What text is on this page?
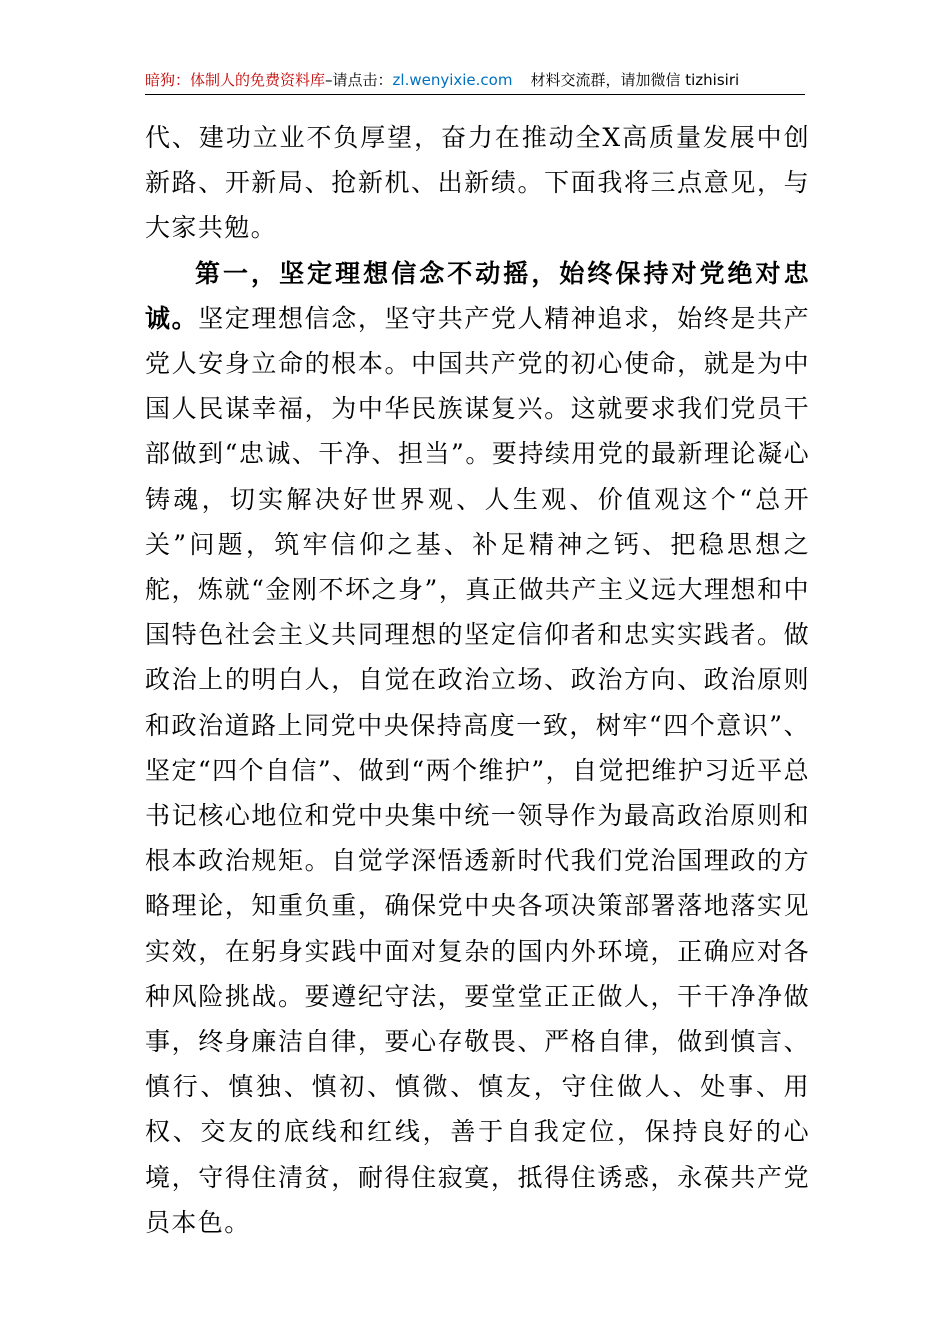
暗狗：体制人的免费资料库–请点击：zl.wenyixie.com 材料交流群，请加微信 tizhisiri

代、建功立业不负厚望，奋力在推动全X高质量发展中创新路、开新局、抢新机、出新绩。下面我将三点意见，与大家共勉。

第一，坚定理想信念不动摇，始终保持对党绝对忠诚。坚定理想信念，坚守共产党人精神追求，始终是共产党人安身立命的根本。中国共产党的初心使命，就是为中国人民谋幸福，为中华民族谋复兴。这就要求我们党员干部做到“忠诚、干净、担当”。要持续用党的最新理论凝心铸魂，切实解决好世界观、人生观、价值观这个“总开关”问题，筑牢信仰之基、补足精神之钙、把稳思想之舵，炼就“金刚不坏之身”，真正做共产主义远大理想和中国特色社会主义共同理想的坚定信仰者和忠实实践者。做政治上的明白人，自觉在政治立场、政治方向、政治原则和政治道路上同党中央保持高度一致，树牢“四个意识”、坚定“四个自信”、做到“两个维护”，自觉把维护习近平总书记核心地位和党中央集中统一领导作为最高政治原则和根本政治规矩。自觉学深悟透新时代我们党治国理政的方略理论，知重负重，确保党中央各项决策部署落地落实见实效，在躬身实践中面对复杂的国内外环境，正确应对各种风险挑战。要遵纪守法，要堂堂正正做人，干干净净做事，终身廉洁自律，要心存敬畏、严格自律，做到慎言、慎行、慎独、慎初、慎微、慎友，守住做人、处事、用权、交友的底线和红线，善于自我定位，保持良好的心境，守得住清贫，耐得住寂寞，抵得住诱惑，永葆共产党员本色。
